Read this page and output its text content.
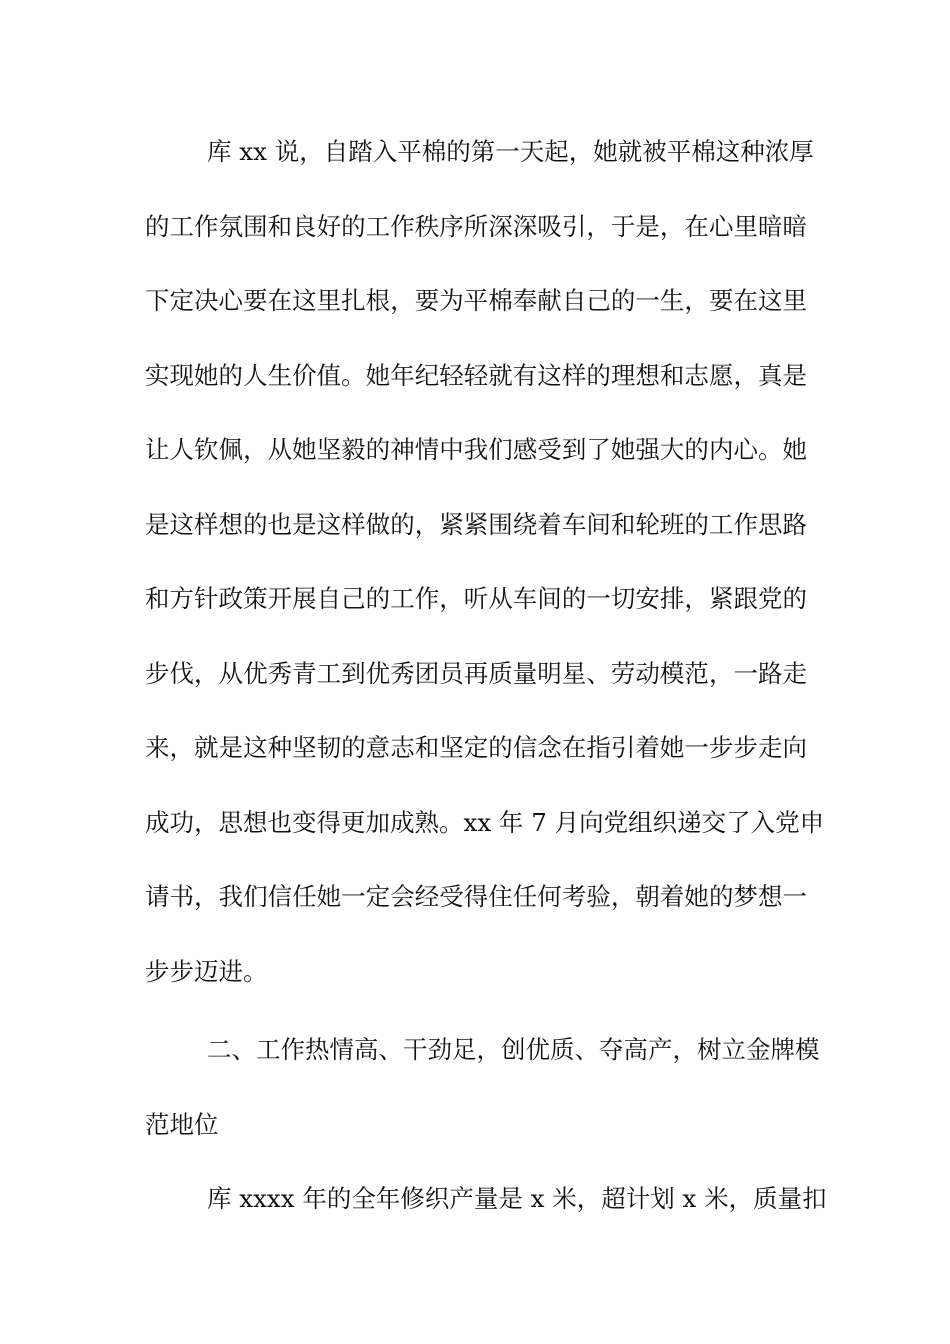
库 xx 说，自踏入平棉的第一天起，她就被平棉这种浓厚
的工作氛围和良好的工作秩序所深深吸引，于是，在心里暗暗
下定决心要在这里扎根，要为平棉奉献自己的一生，要在这里
实现她的人生价值。她年纪轻轻就有这样的理想和志愿，真是
让人钦佩，从她坚毅的神情中我们感受到了她强大的内心。她
是这样想的也是这样做的，紧紧围绕着车间和轮班的工作思路
和方针政策开展自己的工作，听从车间的一切安排，紧跟党的
步伐，从优秀青工到优秀团员再质量明星、劳动模范，一路走
来，就是这种坚韧的意志和坚定的信念在指引着她一步步走向
成功，思想也变得更加成熟。xx 年 7 月向党组织递交了入党申
请书，我们信任她一定会经受得住任何考验，朝着她的梦想一
步步迈进。
二、工作热情高、干劲足，创优质、夺高产，树立金牌模
范地位
库 xxxx 年的全年修织产量是 x 米，超计划 x 米，质量扣
